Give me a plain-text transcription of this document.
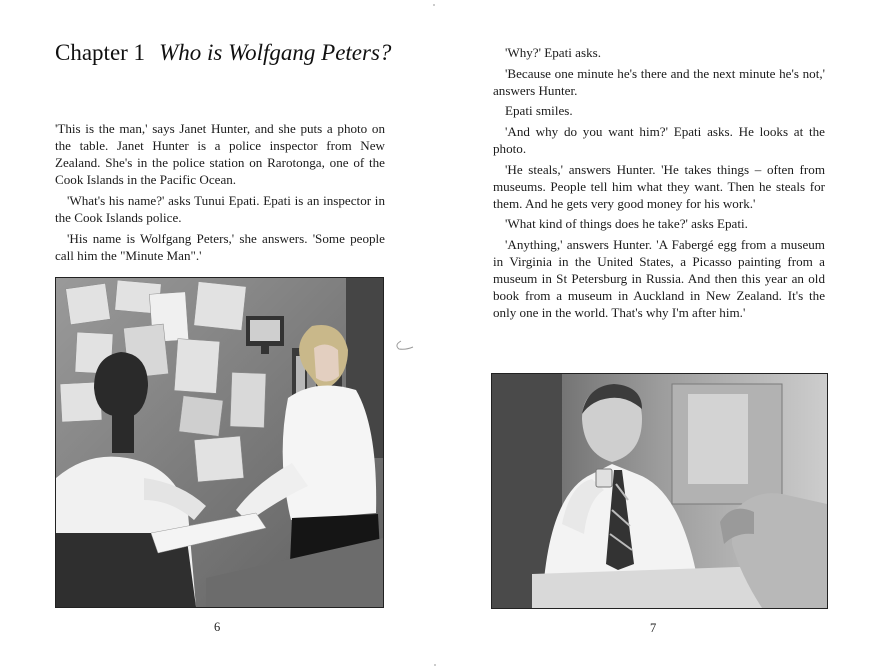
Chapter 1 Who is Wolfgang Peters?

'This is the man,' says Janet Hunter, and she puts a photo on the table. Janet Hunter is a police inspector from New Zealand. She's in the police station on Rarotonga, one of the Cook Islands in the Pacific Ocean.

'What's his name?' asks Tunui Epati. Epati is an inspector in the Cook Islands police.

'His name is Wolfgang Peters,' she answers. 'Some people call him the "Minute Man".'

6

'Why?' Epati asks.

'Because one minute he's there and the next minute he's not,' answers Hunter.

Epati smiles.

'And why do you want him?' Epati asks. He looks at the photo.

'He steals,' answers Hunter. 'He takes things – often from museums. People tell him what they want. Then he steals for them. And he gets very good money for his work.'

'What kind of things does he take?' asks Epati.

'Anything,' answers Hunter. 'A Fabergé egg from a museum in Virginia in the United States, a Picasso painting from a museum in St Petersburg in Russia. And then this year an old book from a museum in Auckland in New Zealand. It's the only one in the world. That's why I'm after him.'

7
